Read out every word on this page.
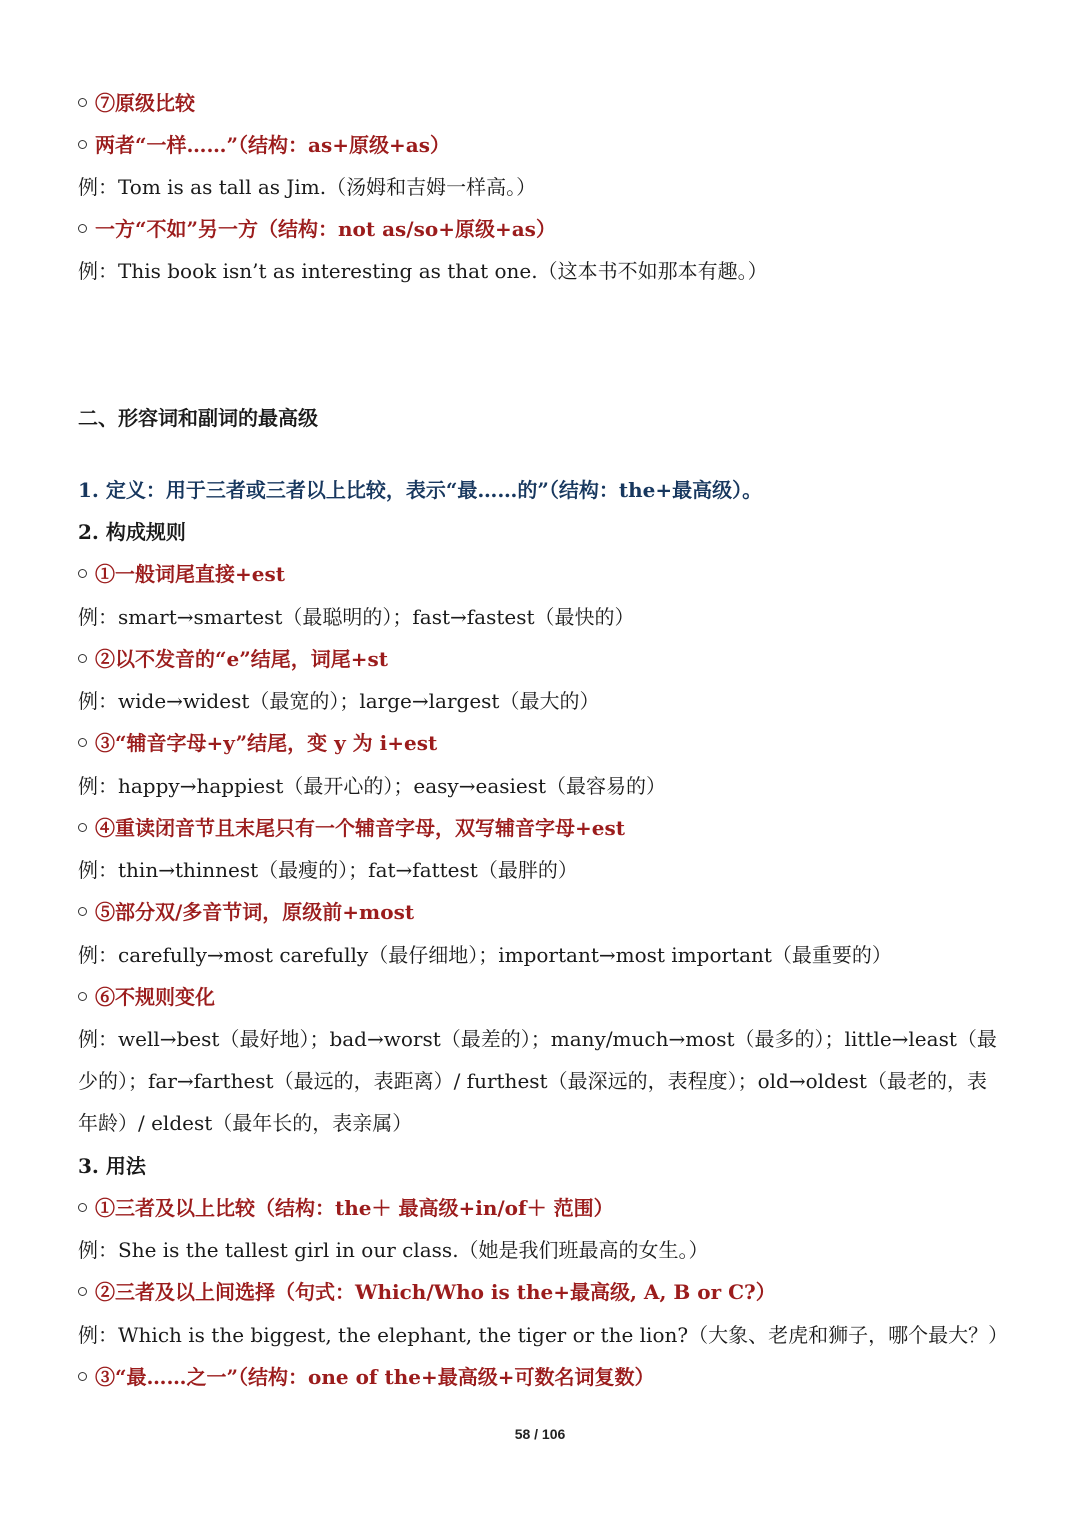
⑦原级比较
两者“一样……”（结构：as+原级+as）
例：Tom is as tall as Jim.（汤姆和吉姆一样高。）
一方“不如”另一方（结构：not as/so+原级+as）
例：This book isn’t as interesting as that one.（这本书不如那本有趣。）
二、形容词和副词的最高级
1. 定义：用于三者或三者以上比较，表示“最……的”（结构：the+最高级）。
2. 构成规则
①一般词尾直接+est
例：smart→smartest（最聪明的）；fast→fastest（最快的）
②以不发音的“e”结尾，词尾+st
例：wide→widest（最宽的）；large→largest（最大的）
③“辅音字母+y”结尾，变 y 为 i+est
例：happy→happiest（最开心的）；easy→easiest（最容易的）
④重读闭音节且末尾只有一个辅音字母，双写辅音字母+est
例：thin→thinnest（最瘦的）；fat→fattest（最胖的）
⑤部分双/多音节词，原级前+most
例：carefully→most carefully（最仔细地）；important→most important（最重要的）
⑥不规则变化
例：well→best（最好地）；bad→worst（最差的）；many/much→most（最多的）；little→least（最
少的）；far→farthest（最远的，表距离）/ furthest（最深远的，表程度）；old→oldest（最老的，表
年龄）/ eldest（最年长的，表亲属）
3. 用法
①三者及以上比较（结构：the＋ 最高级+in/of＋ 范围）
例：She is the tallest girl in our class.（她是我们班最高的女生。）
②三者及以上间选择（句式：Which/Who is the+最高级, A, B or C?）
例：Which is the biggest, the elephant, the tiger or the lion?（大象、老虎和狮子，哪个最大？）
③“最……之一”（结构：one of the+最高级+可数名词复数）
58 / 106
